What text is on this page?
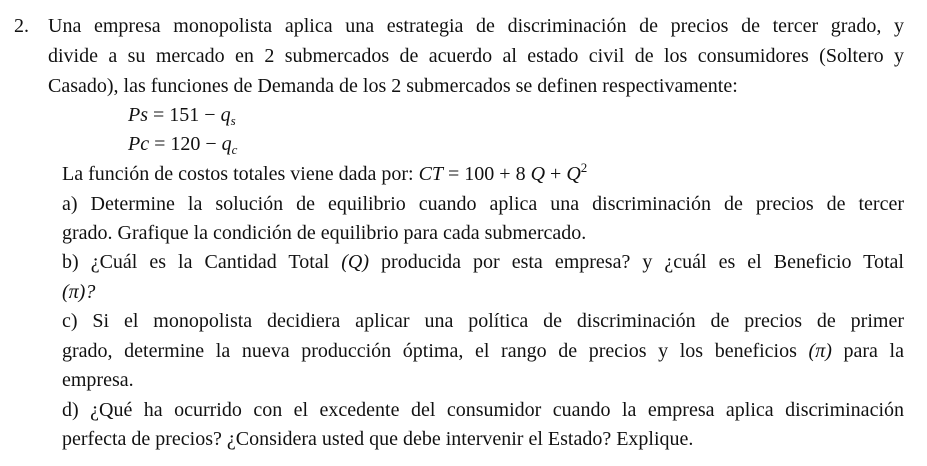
2. Una empresa monopolista aplica una estrategia de discriminación de precios de tercer grado, y
divide a su mercado en 2 submercados de acuerdo al estado civil de los consumidores (Soltero y
Casado), las funciones de Demanda de los 2 submercados se definen respectivamente:
$Ps = 151 - q_s$
$Pc = 120 - q_c$
La función de costos totales viene dada por: CT = 100 + 8 $Q + Q^2$
a) Determine la solución de equilibrio cuando aplica una discriminación de precios de tercer
grado. Grafique la condición de equilibrio para cada submercado.
b) ¿Cuál es la Cantidad Total (Q) producida por esta empresa? y ¿cuál es el Beneficio Total
(π)?
c) Si el monopolista decidiera aplicar una política de discriminación de precios de primer
grado, determine la nueva producción óptima, el rango de precios y los beneficios (π) para la
empresa.
d) ¿Qué ha ocurrido con el excedente del consumidor cuando la empresa aplica discriminación
perfecta de precios? ¿Considera usted que debe intervenir el Estado? Explique.
